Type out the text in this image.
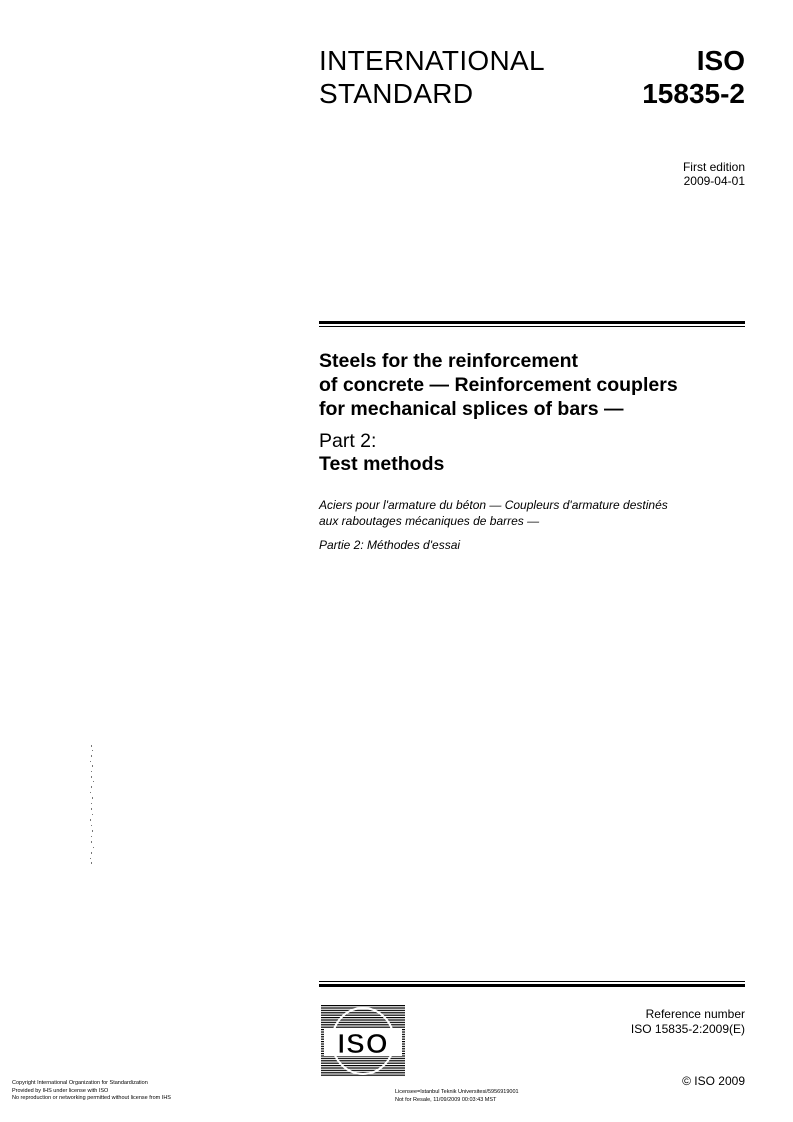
INTERNATIONAL
STANDARD
ISO
15835-2
First edition
2009-04-01
Steels for the reinforcement
of concrete — Reinforcement couplers
for mechanical splices of bars —
Part 2:
Test methods
Aciers pour l'armature du béton — Coupleurs d'armature destinés
aux raboutages mécaniques de barres —
Partie 2: Méthodes d'essai
ISO
Reference number
ISO 15835-2:2009(E)
© ISO 2009
Copyright International Organization for Standardization
Provided by IHS under license with ISO
No reproduction or networking permitted without license from IHS
Licensee=Istanbul Teknik Universitesi/5956919001
Not for Resale, 11/09/2009 00:03:43 MST
